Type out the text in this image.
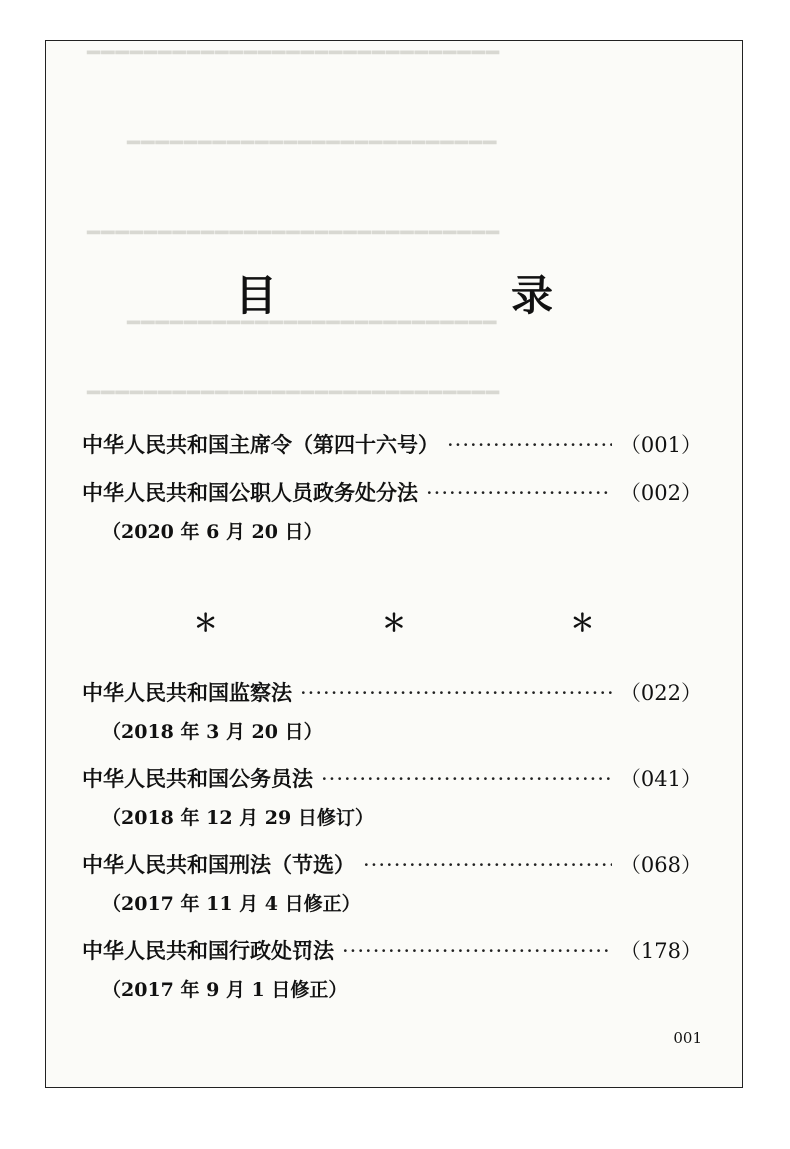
━━━━━━━━━━━━━━━━━━━━━━━━━━━━━
━━━━━━━━━━━━━━━━━━━━━━━━━━
━━━━━━━━━━━━━━━━━━━━━━━━━━━━━
━━━━━━━━━━━━━━━━━━━━━━━━━━
━━━━━━━━━━━━━━━━━━━━━━━━━━━━━
目　录
中华人民共和国主席令（第四十六号） ·····	（001）
中华人民共和国公职人员政务处分法 ·····	（002）
（2020 年 6 月 20 日）
＊ ＊ ＊
中华人民共和国监察法 ·····	（022）
（2018 年 3 月 20 日）
中华人民共和国公务员法 ·····	（041）
（2018 年 12 月 29 日修订）
中华人民共和国刑法（节选） ·····	（068）
（2017 年 11 月 4 日修正）
中华人民共和国行政处罚法 ·····	（178）
（2017 年 9 月 1 日修正）
001
